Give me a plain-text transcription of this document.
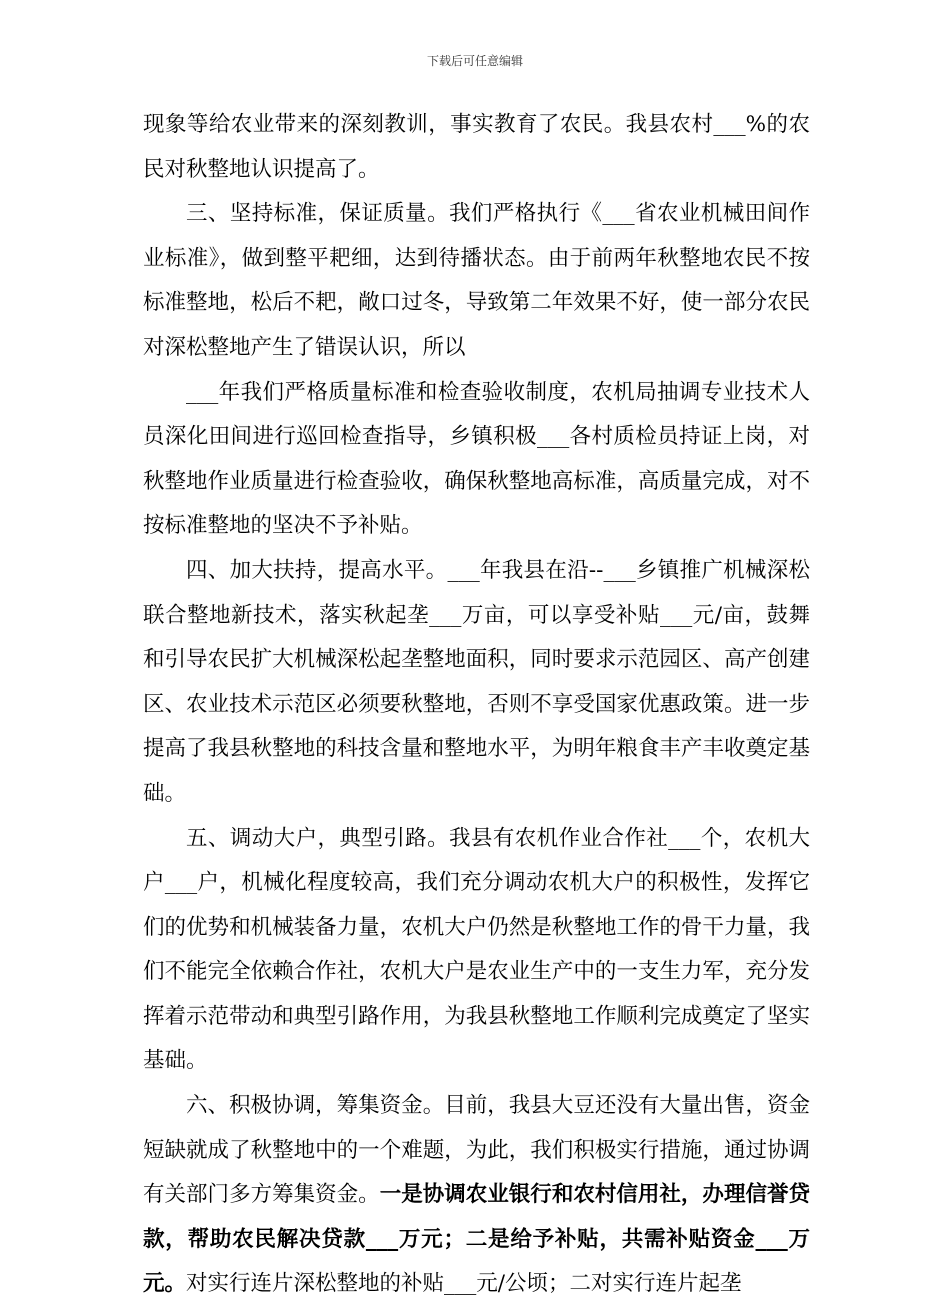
下载后可任意编辑

现象等给农业带来的深刻教训，事实教育了农民。我县农村___%的农民对秋整地认识提高了。

三、坚持标准，保证质量。我们严格执行《___省农业机械田间作业标准》，做到整平耙细，达到待播状态。由于前两年秋整地农民不按标准整地，松后不耙，敞口过冬，导致第二年效果不好，使一部分农民对深松整地产生了错误认识，所以

___年我们严格质量标准和检查验收制度，农机局抽调专业技术人员深化田间进行巡回检查指导，乡镇积极___各村质检员持证上岗，对秋整地作业质量进行检查验收，确保秋整地高标准，高质量完成，对不按标准整地的坚决不予补贴。

四、加大扶持，提高水平。___年我县在沿--___乡镇推广机械深松联合整地新技术，落实秋起垄___万亩，可以享受补贴___元/亩，鼓舞和引导农民扩大机械深松起垄整地面积，同时要求示范园区、高产创建区、农业技术示范区必须要秋整地，否则不享受国家优惠政策。进一步提高了我县秋整地的科技含量和整地水平，为明年粮食丰产丰收奠定基础。

五、调动大户，典型引路。我县有农机作业合作社___个，农机大户___户，机械化程度较高，我们充分调动农机大户的积极性，发挥它们的优势和机械装备力量，农机大户仍然是秋整地工作的骨干力量，我们不能完全依赖合作社，农机大户是农业生产中的一支生力军，充分发挥着示范带动和典型引路作用，为我县秋整地工作顺利完成奠定了坚实基础。

六、积极协调，筹集资金。目前，我县大豆还没有大量出售，资金短缺就成了秋整地中的一个难题，为此，我们积极实行措施，通过协调有关部门多方筹集资金。一是协调农业银行和农村信用社，办理信誉贷款，帮助农民解决贷款___万元；二是给予补贴，共需补贴资金___万元。对实行连片深松整地的补贴___元/公顷；二对实行连片起垄
